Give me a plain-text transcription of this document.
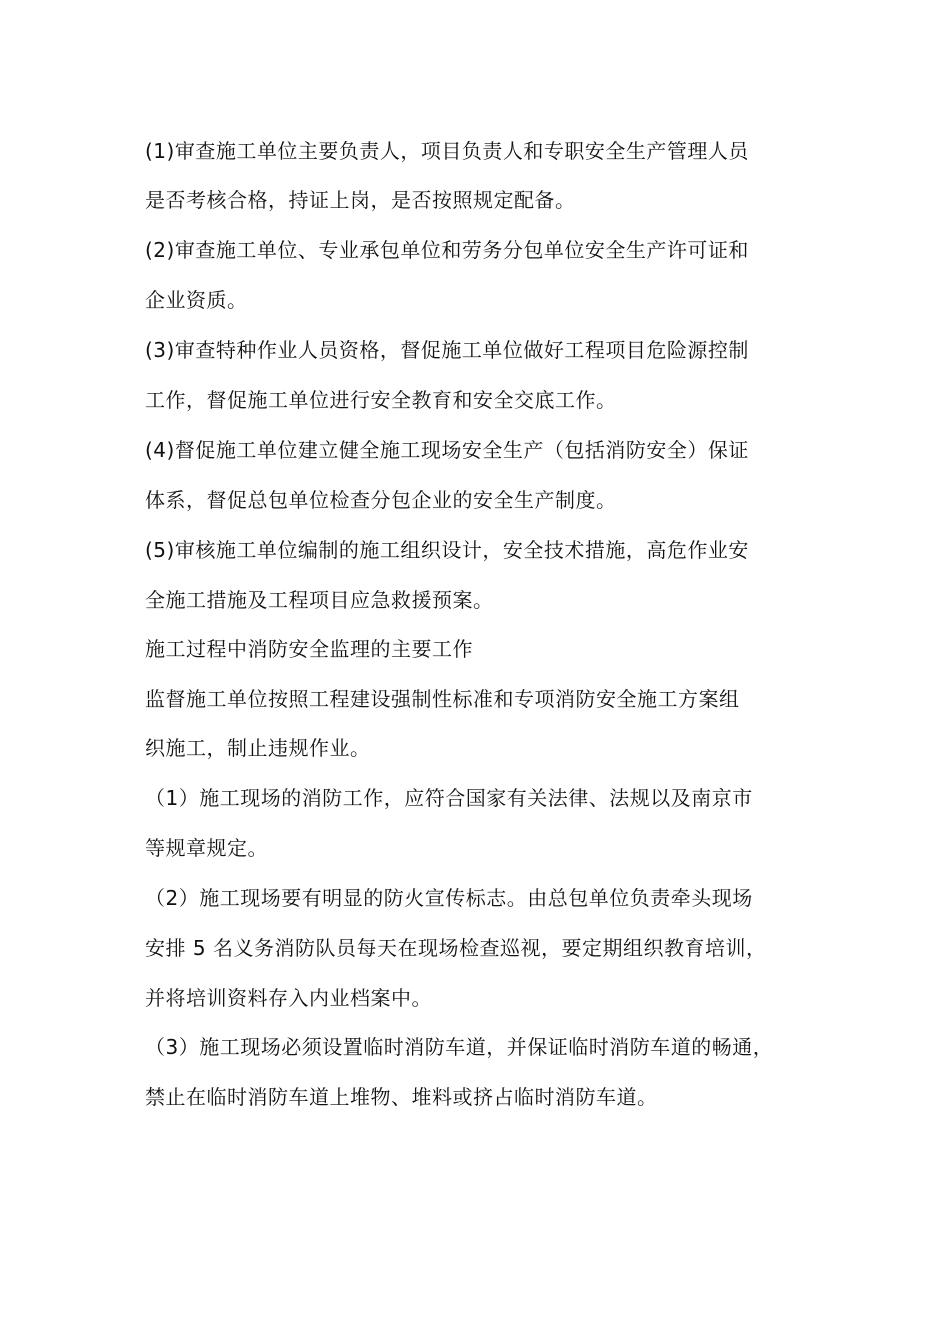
(1)审查施工单位主要负责人，项目负责人和专职安全生产管理人员
是否考核合格，持证上岗，是否按照规定配备。
(2)审查施工单位、专业承包单位和劳务分包单位安全生产许可证和
企业资质。
(3)审查特种作业人员资格，督促施工单位做好工程项目危险源控制
工作，督促施工单位进行安全教育和安全交底工作。
(4)督促施工单位建立健全施工现场安全生产（包括消防安全）保证
体系，督促总包单位检查分包企业的安全生产制度。
(5)审核施工单位编制的施工组织设计，安全技术措施，高危作业安
全施工措施及工程项目应急救援预案。
施工过程中消防安全监理的主要工作
监督施工单位按照工程建设强制性标准和专项消防安全施工方案组
织施工，制止违规作业。
（1）施工现场的消防工作，应符合国家有关法律、法规以及南京市
等规章规定。
（2）施工现场要有明显的防火宣传标志。由总包单位负责牵头现场
安排 5 名义务消防队员每天在现场检查巡视，要定期组织教育培训，
并将培训资料存入内业档案中。
（3）施工现场必须设置临时消防车道，并保证临时消防车道的畅通，
禁止在临时消防车道上堆物、堆料或挤占临时消防车道。
